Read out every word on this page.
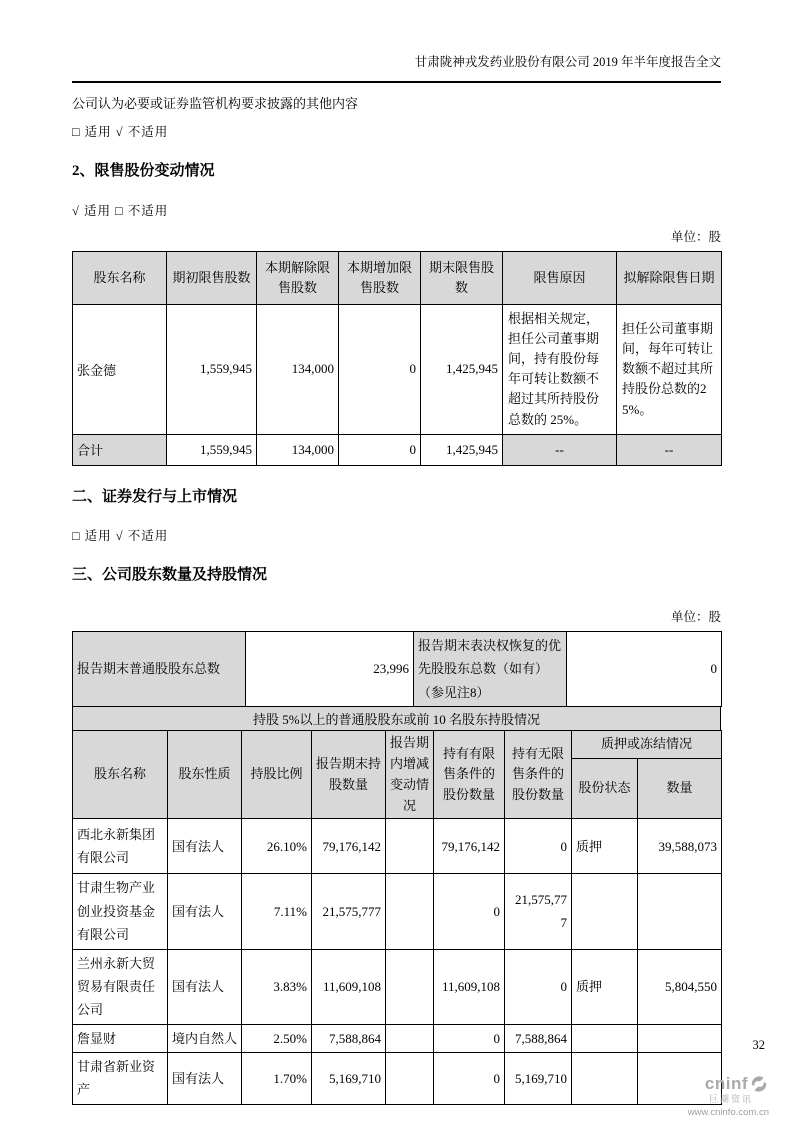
甘肃陇神戎发药业股份有限公司 2019 年半年度报告全文

公司认为必要或证券监管机构要求披露的其他内容

□ 适用 √ 不适用

2、限售股份变动情况

√ 适用 □ 不适用

单位：股

股东名称	期初限售股数	本期解除限售股数	本期增加限售股数	期末限售股数	限售原因	拟解除限售日期
张金德	1,559,945	134,000	0	1,425,945	根据相关规定，担任公司董事期间，持有股份每年可转让数额不超过其所持股份总数的 25%。	担任公司董事期间，每年可转让数额不超过其所持股份总数的25%。
合计	1,559,945	134,000	0	1,425,945	--	--
二、证券发行与上市情况

□ 适用 √ 不适用

三、公司股东数量及持股情况

单位：股

报告期末普通股股东总数	23,996	报告期末表决权恢复的优先股股东总数（如有）（参见注8）	0
持股 5%以上的普通股股东或前 10 名股东持股情况
股东名称	股东性质	持股比例	报告期末持股数量	报告期内增减变动情况	持有有限售条件的股份数量	持有无限售条件的股份数量	质押或冻结情况	
							股份状态	数量
西北永新集团有限公司	国有法人	26.10%	79,176,142		79,176,142	0	质押	39,588,073
甘肃生物产业创业投资基金有限公司	国有法人	7.11%	21,575,777		0	21,575,777		
兰州永新大贸贸易有限责任公司	国有法人	3.83%	11,609,108		11,609,108	0	质押	5,804,550
詹显财	境内自然人	2.50%	7,588,864		0	7,588,864		
甘肃省新业资产	国有法人	1.70%	5,169,710		0	5,169,710		
32
cninf
巨潮资讯
www.cninfo.com.cn
